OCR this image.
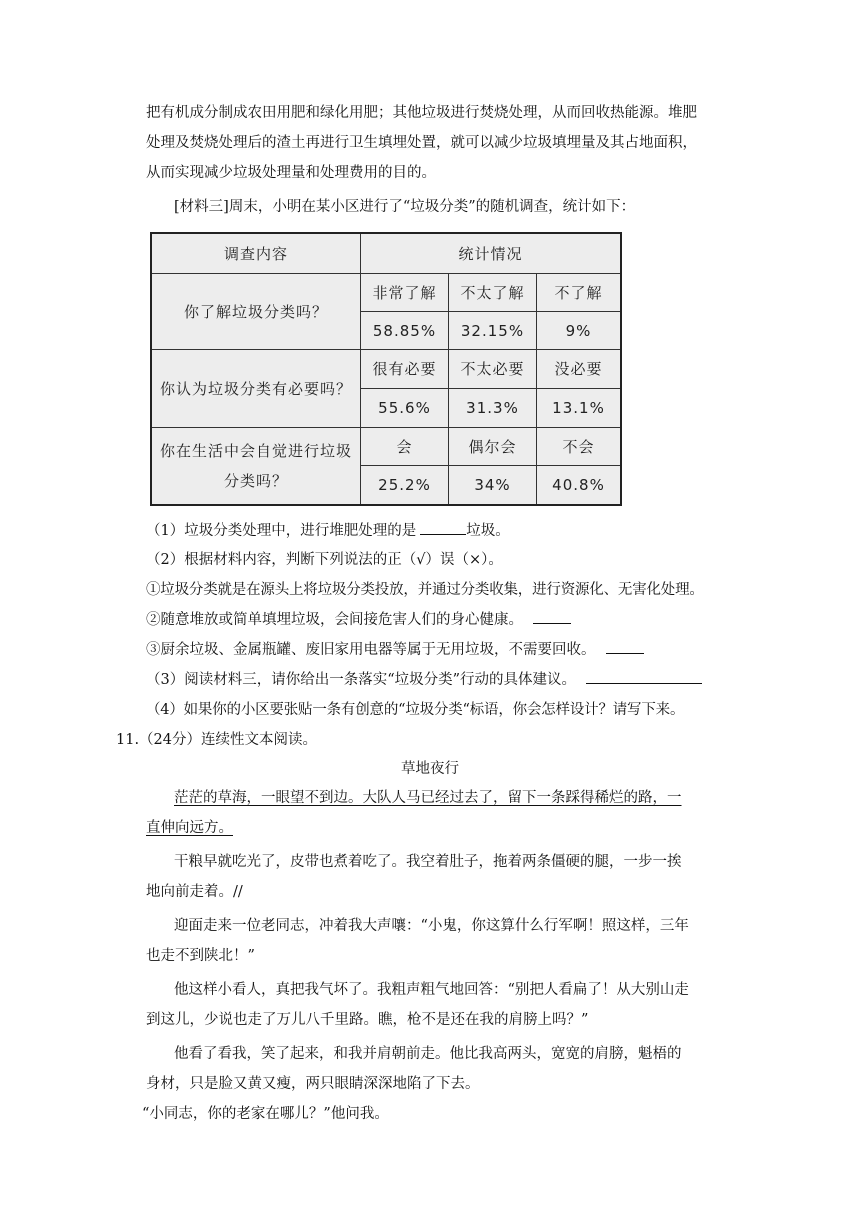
把有机成分制成农田用肥和绿化用肥；其他垃圾进行焚烧处理，从而回收热能源。堆肥
处理及焚烧处理后的渣土再进行卫生填埋处置，就可以减少垃圾填埋量及其占地面积，
从而实现减少垃圾处理量和处理费用的目的。
[材料三]周末，小明在某小区进行了“垃圾分类”的随机调查，统计如下：
调查内容	统计情况
你了解垃圾分类吗？
非常了解	不太了解	不了解
58.85%	32.15%	9%
你认为垃圾分类有必要吗？
很有必要	不太必要	没必要
55.6%	31.3%	13.1%
你在生活中会自觉进行垃圾
分类吗？
会	偶尔会	不会
25.2%	34%	40.8%
（1）垃圾分类处理中，进行堆肥处理的是	垃圾。
（2）根据材料内容，判断下列说法的正（√）误（×）。
①垃圾分类就是在源头上将垃圾分类投放，并通过分类收集，进行资源化、无害化处理。
②随意堆放或简单填埋垃圾，会间接危害人们的身心健康。
③厨余垃圾、金属瓶罐、废旧家用电器等属于无用垃圾，不需要回收。
（3）阅读材料三，请你给出一条落实“垃圾分类”行动的具体建议。
（4）如果你的小区要张贴一条有创意的“垃圾分类“标语，你会怎样设计？请写下来。
11.（24分）连续性文本阅读。
草地夜行
茫茫的草海，一眼望不到边。大队人马已经过去了，留下一条踩得稀烂的路，一
直伸向远方。
干粮早就吃光了，皮带也煮着吃了。我空着肚子，拖着两条僵硬的腿，一步一挨
地向前走着。//
迎面走来一位老同志，冲着我大声嚷：“小鬼，你这算什么行军啊！照这样，三年
也走不到陕北！”
他这样小看人，真把我气坏了。我粗声粗气地回答：“别把人看扁了！从大别山走
到这儿，少说也走了万儿八千里路。瞧，枪不是还在我的肩膀上吗？”
他看了看我，笑了起来，和我并肩朝前走。他比我高两头，宽宽的肩膀，魁梧的
身材，只是脸又黄又瘦，两只眼睛深深地陷了下去。
“小同志，你的老家在哪儿？”他问我。
